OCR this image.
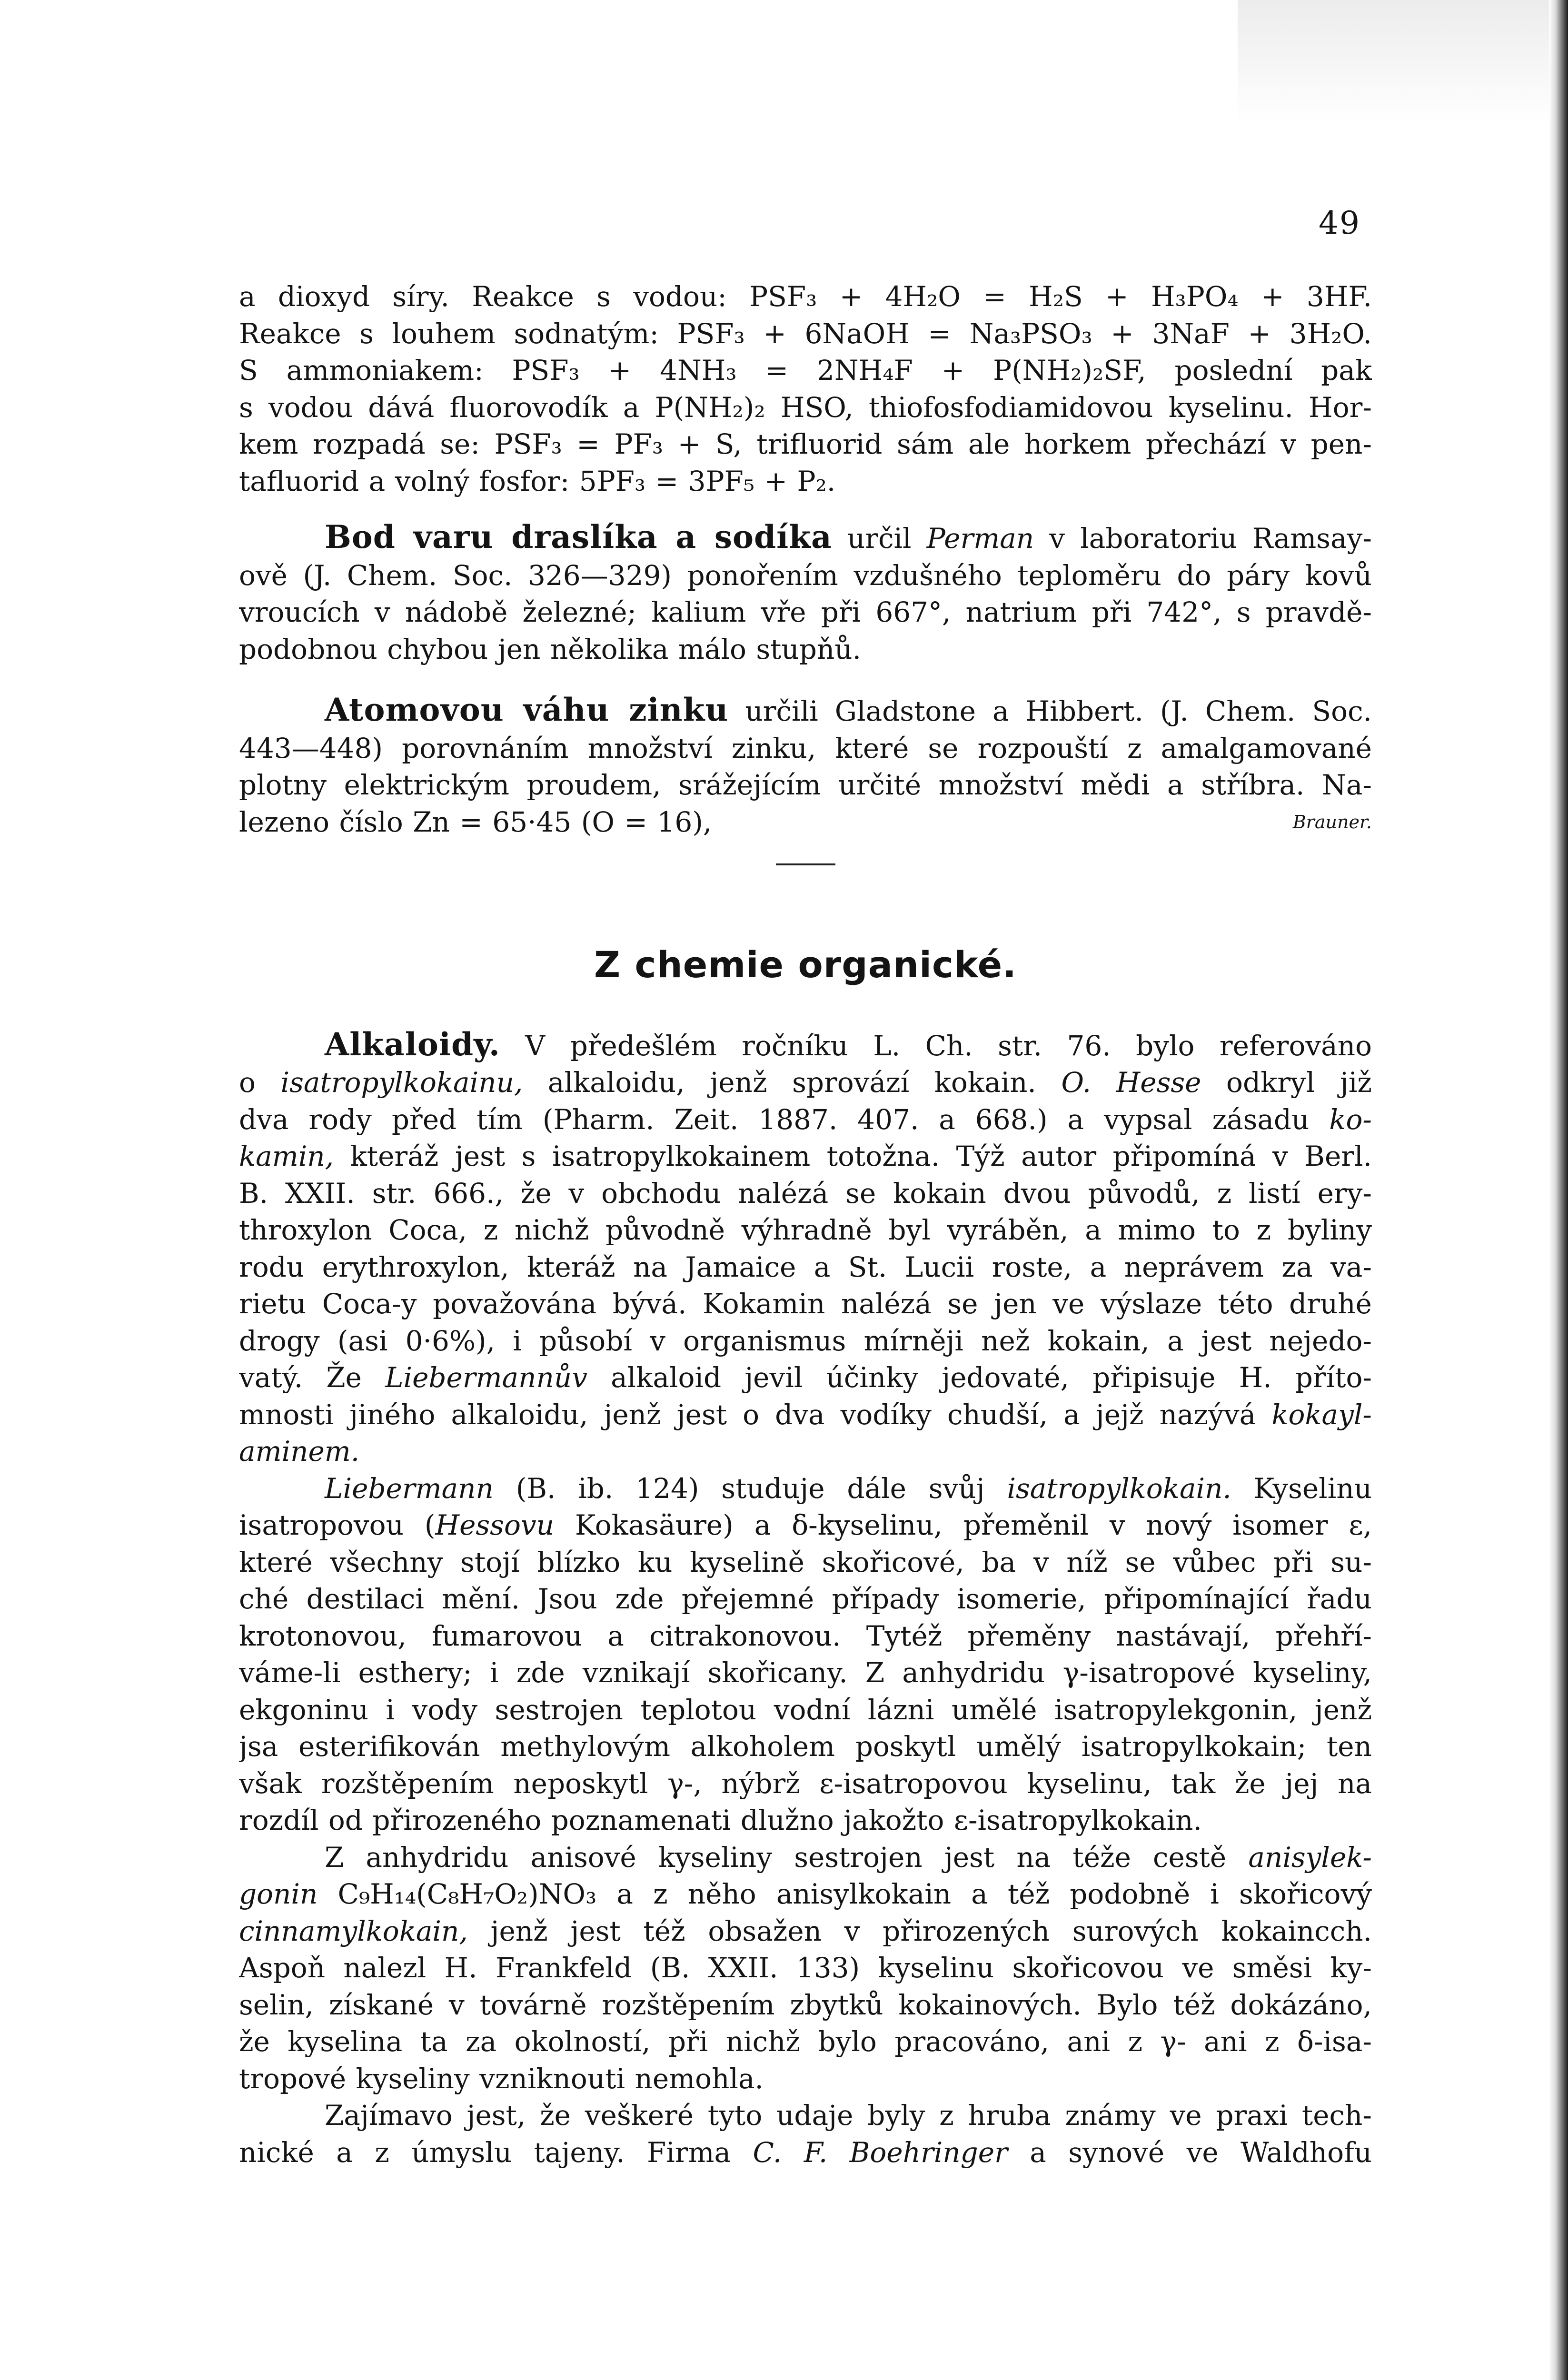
49

a dioxyd síry. Reakce s vodou: PSF₃ + 4H₂O = H₂S + H₃PO₄ + 3HF.
Reakce s louhem sodnatým: PSF₃ + 6NaOH = Na₃PSO₃ + 3NaF + 3H₂O.
S ammoniakem: PSF₃ + 4NH₃ = 2NH₄F + P(NH₂)₂SF, poslední pak
s vodou dává fluorovodík a P(NH₂)₂ HSO, thiofosfodiamidovou kyselinu. Hor-
kem rozpadá se: PSF₃ = PF₃ + S, trifluorid sám ale horkem přechází v pen-
tafluorid a volný fosfor: 5PF₃ = 3PF₅ + P₂.

Bod varu draslíka a sodíka určil Perman v laboratoriu Ramsay-
ově (J. Chem. Soc. 326—329) ponořením vzdušného teploměru do páry kovů
vroucích v nádobě železné; kalium vře při 667°, natrium při 742°, s pravdě-
podobnou chybou jen několika málo stupňů.

Atomovou váhu zinku určili Gladstone a Hibbert. (J. Chem. Soc.
443—448) porovnáním množství zinku, které se rozpouští z amalgamované
plotny elektrickým proudem, srážejícím určité množství mědi a stříbra. Na-
lezeno číslo Zn = 65·45 (O = 16),	Brauner.

Z chemie organické.

Alkaloidy. V předešlém ročníku L. Ch. str. 76. bylo referováno
o isatropylkokainu, alkaloidu, jenž sprovází kokain. O. Hesse odkryl již
dva rody před tím (Pharm. Zeit. 1887. 407. a 668.) a vypsal zásadu ko-
kamin, kteráž jest s isatropylkokainem totožna. Týž autor připomíná v Berl.
B. XXII. str. 666., že v obchodu nalézá se kokain dvou původů, z listí ery-
throxylon Coca, z nichž původně výhradně byl vyráběn, a mimo to z byliny
rodu erythroxylon, kteráž na Jamaice a St. Lucii roste, a neprávem za va-
rietu Coca-y považována bývá. Kokamin nalézá se jen ve výslaze této druhé
drogy (asi 0·6%), i působí v organismus mírněji než kokain, a jest nejedo-
vatý. Že Liebermannův alkaloid jevil účinky jedovaté, připisuje H. přítо-
mnosti jiného alkaloidu, jenž jest o dva vodíky chudší, a jejž nazývá kokayl-
aminem.

Liebermann (B. ib. 124) studuje dále svůj isatropylkokain. Kyselinu
isatropovou (Hessovu Kokasäure) a δ-kyselinu, přeměnil v nový isomer ε,
které všechny stojí blízko ku kyselině skořicové, ba v níž se vůbec při su-
ché destilaci mění. Jsou zde přejemné případy isomerie, připomínající řadu
krotonovou, fumarovou a citrakonovou. Tytéž přeměny nastávají, přehří-
váme-li esthery; i zde vznikají skořicany. Z anhydridu γ-isatropové kyseliny,
ekgoninu i vody sestrojen teplotou vodní lázni umělé isatropylekgonin, jenž
jsa esterifikován methylovým alkoholem poskytl umělý isatropylkokain; ten
však rozštěpením neposkytl γ-, nýbrž ε-isatropovou kyselinu, tak že jej na
rozdíl od přirozeného poznamenati dlužno jakožto ε-isatropylkokain.

Z anhydridu anisové kyseliny sestrojen jest na téže cestě anisylek-
gonin C₉H₁₄(C₈H₇O₂)NO₃ a z něho anisylkokain a též podobně i skořicový
cinnamylkokain, jenž jest též obsažen v přirozených surových kokaincch.
Aspoň nalezl H. Frankfeld (B. XXII. 133) kyselinu skořicovou ve směsi ky-
selin, získané v továrně rozštěpením zbytků kokainových. Bylo též dokázáno,
že kyselina ta za okolností, při nichž bylo pracováno, ani z γ- ani z δ-isa-
tropové kyseliny vzniknouti nemohla.

Zajímavo jest, že veškeré tyto udaje byly z hruba známy ve praxi tech-
nické a z úmyslu tajeny. Firma C. F. Boehringer a synové ve Waldhofu
